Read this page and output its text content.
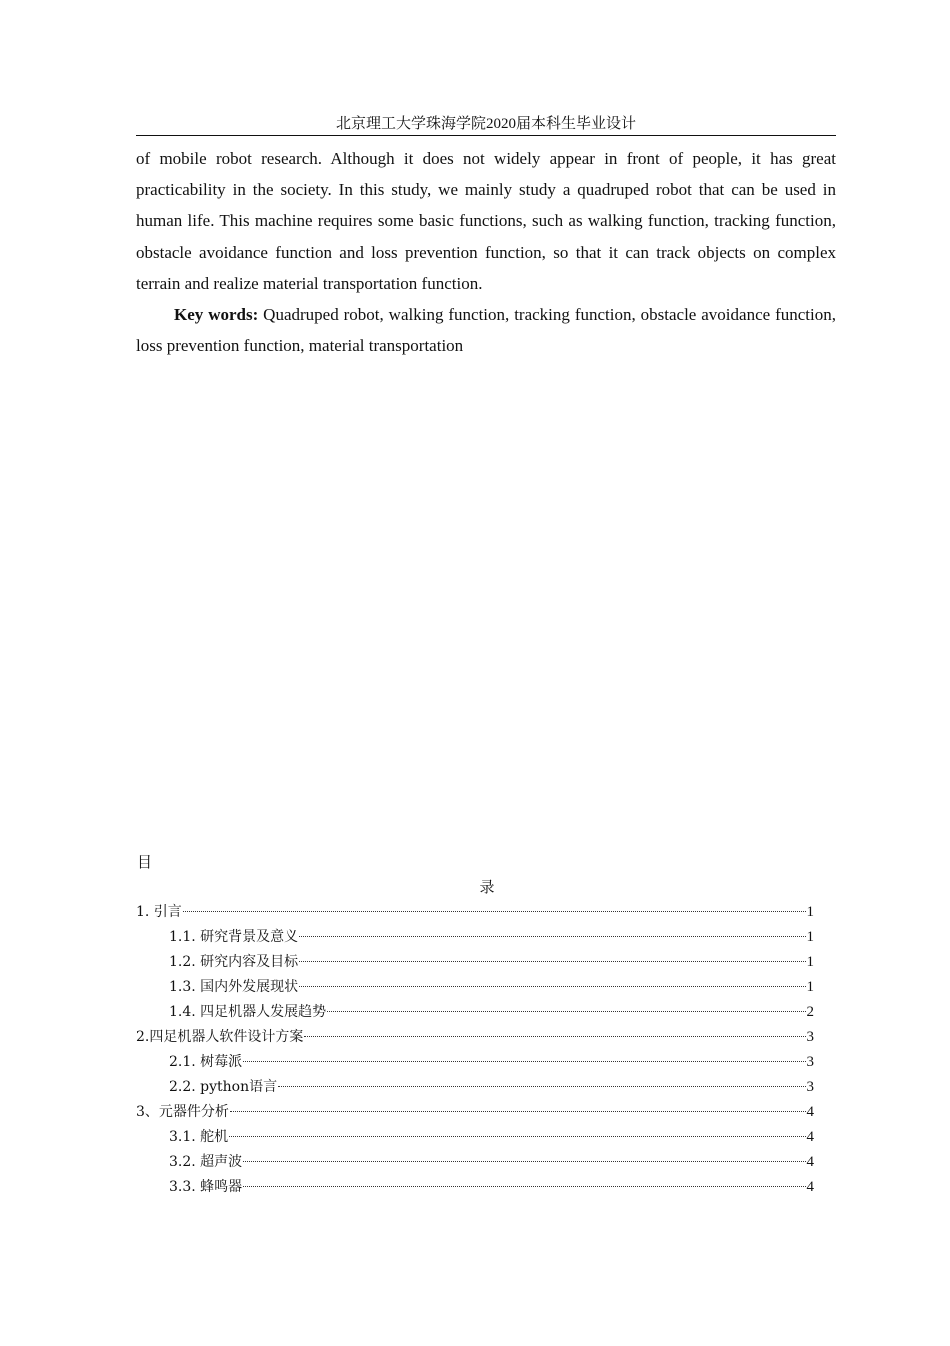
北京理工大学珠海学院2020届本科生毕业设计

of mobile robot research. Although it does not widely appear in front of people, it has great practicability in the society. In this study, we mainly study a quadruped robot that can be used in human life. This machine requires some basic functions, such as walking function, tracking function, obstacle avoidance function and loss prevention function, so that it can track objects on complex terrain and realize material transportation function.

Key words: Quadruped robot, walking function, tracking function, obstacle avoidance function, loss prevention function, material transportation

目
录
1. 引言	1
1.1. 研究背景及意义	1
1.2. 研究内容及目标	1
1.3. 国内外发展现状	1
1.4. 四足机器人发展趋势	2
2.四足机器人软件设计方案	3
2.1. 树莓派	3
2.2. python语言	3
3、元器件分析	4
3.1. 舵机	4
3.2. 超声波	4
3.3. 蜂鸣器	4
